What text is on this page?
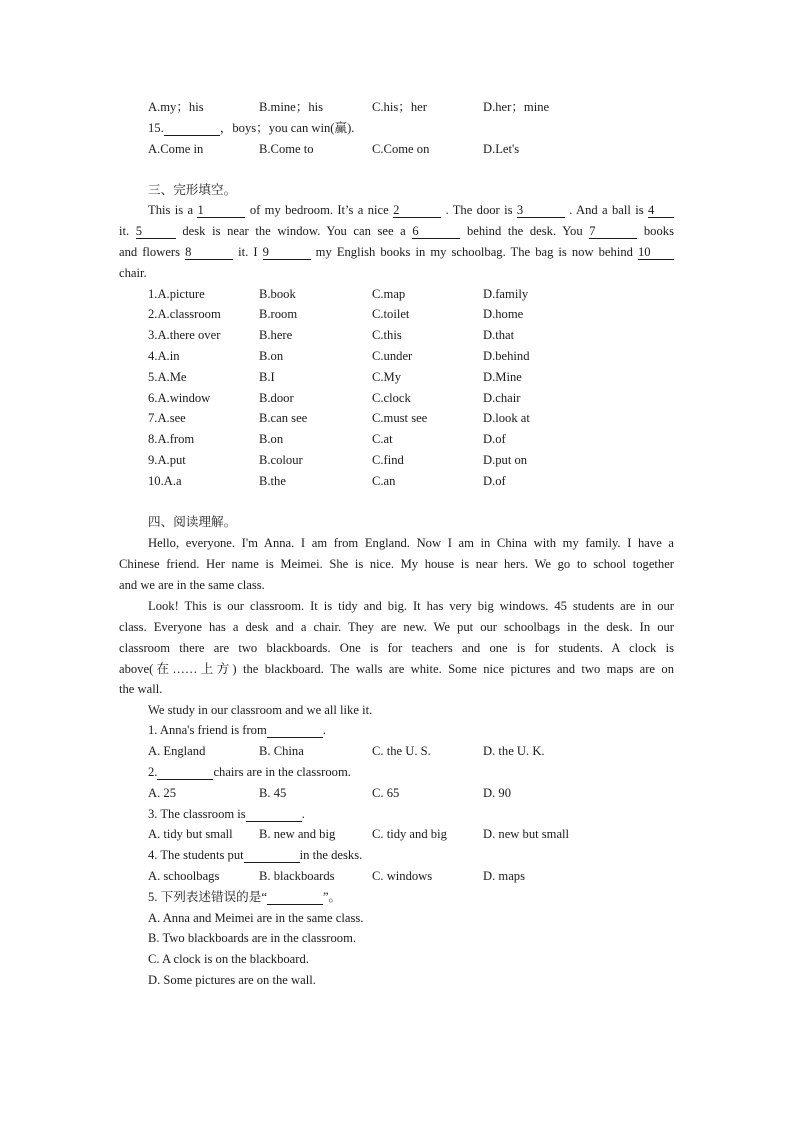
A.my；his	B.mine；his	C.his；her	D.her；mine
15.	，boys；you can win(赢).
A.Come in	B.Come to	C.Come on	D.Let's
三、完形填空。
This is a 1	of my bedroom. It’s a nice 2	. The door is 3	. And a ball is 4
it. 5	desk is near the window. You can see a 6	behind the desk. You 7	books
and flowers 8	it. I 9	my English books in my schoolbag. The bag is now behind 10
chair.
1.A.picture	B.book	C.map	D.family
2.A.classroom	B.room	C.toilet	D.home
3.A.there over	B.here	C.this	D.that
4.A.in	B.on	C.under	D.behind
5.A.Me	B.I	C.My	D.Mine
6.A.window	B.door	C.clock	D.chair
7.A.see	B.can see	C.must see	D.look at
8.A.from	B.on	C.at	D.of
9.A.put	B.colour	C.find	D.put on
10.A.a	B.the	C.an	D.of
四、阅读理解。
Hello, everyone. I'm Anna. I am from England. Now I am in China with my family. I have a
Chinese friend. Her name is Meimei. She is nice. My house is near hers. We go to school together
and we are in the same class.
Look! This is our classroom. It is tidy and big. It has very big windows. 45 students are in our
class. Everyone has a desk and a chair. They are new. We put our schoolbags in the desk. In our
classroom there are two blackboards. One is for teachers and one is for students. A clock is
above(在……上方) the blackboard. The walls are white. Some nice pictures and two maps are on
the wall.
We study in our classroom and we all like it.
1. Anna's friend is from	.
A. England	B. China	C. the U. S.	D. the U. K.
2.	chairs are in the classroom.
A. 25	B. 45	C. 65	D. 90
3. The classroom is	.
A. tidy but small B. new and big	C. tidy and big	D. new but small
4. The students put	in the desks.
A. schoolbags	B. blackboards	C. windows	D. maps
5. 下列表述错误的是“	”。
A. Anna and Meimei are in the same class.
B. Two blackboards are in the classroom.
C. A clock is on the blackboard.
D. Some pictures are on the wall.
